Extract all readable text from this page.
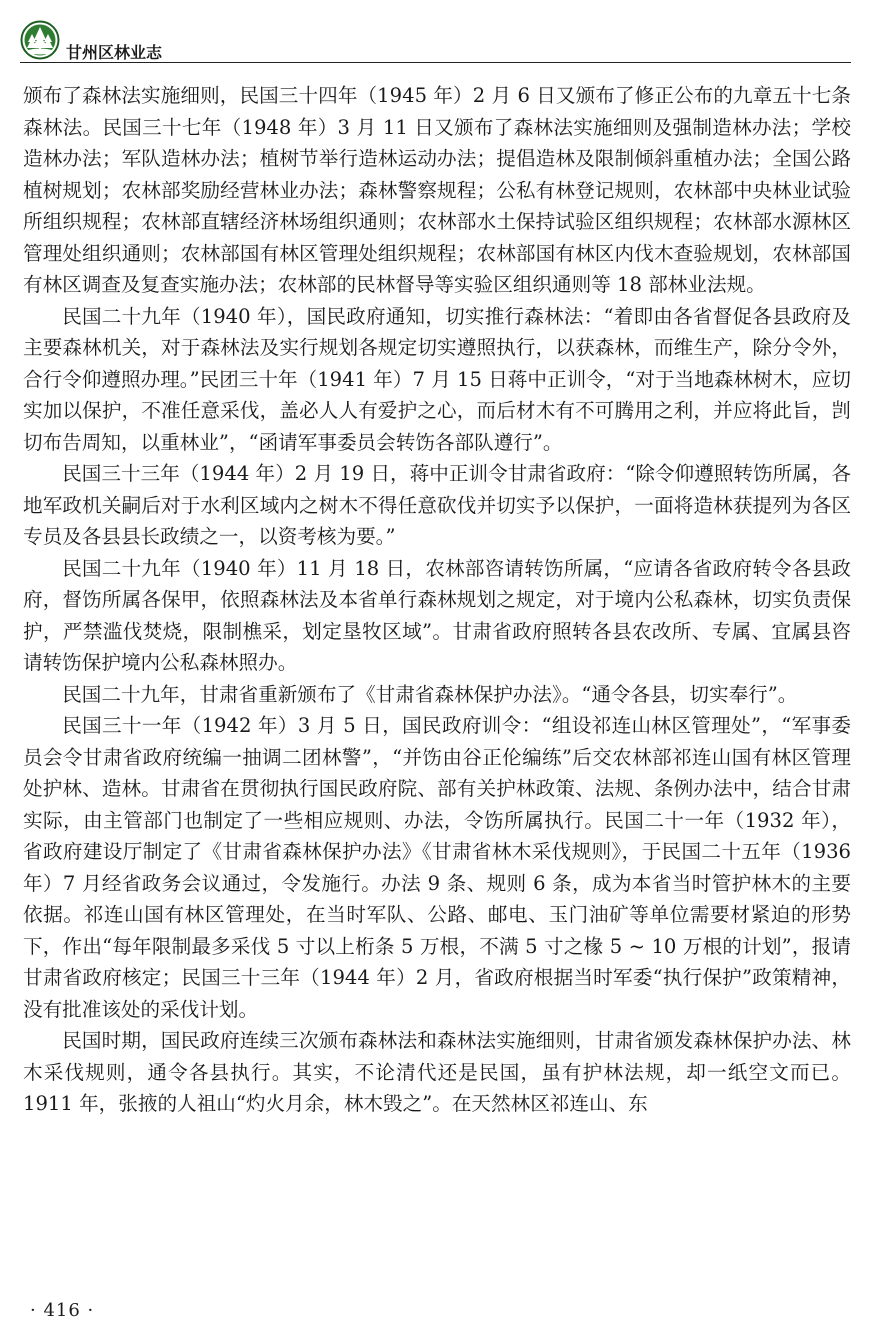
甘州区林业志

颁布了森林法实施细则，民国三十四年（1945 年）2 月 6 日又颁布了修正公布的九章五十七条森林法。民国三十七年（1948 年）3 月 11 日又颁布了森林法实施细则及强制造林办法；学校造林办法；军队造林办法；植树节举行造林运动办法；提倡造林及限制倾斜重植办法；全国公路植树规划；农林部奖励经营林业办法；森林警察规程；公私有林登记规则，农林部中央林业试验所组织规程；农林部直辖经济林场组织通则；农林部水土保持试验区组织规程；农林部水源林区管理处组织通则；农林部国有林区管理处组织规程；农林部国有林区内伐木查验规划，农林部国有林区调查及复查实施办法；农林部的民林督导等实验区组织通则等 18 部林业法规。

民国二十九年（1940 年），国民政府通知，切实推行森林法：“着即由各省督促各县政府及主要森林机关，对于森林法及实行规划各规定切实遵照执行，以获森林，而维生产，除分令外，合行令仰遵照办理。”民团三十年（1941 年）7 月 15 日蒋中正训令，“对于当地森林树木，应切实加以保护，不准任意采伐，盖必人人有爱护之心，而后材木有不可腾用之利，并应将此旨，剀切布告周知，以重林业”，“函请军事委员会转饬各部队遵行”。

民国三十三年（1944 年）2 月 19 日，蒋中正训令甘肃省政府：“除令仰遵照转饬所属，各地军政机关嗣后对于水利区域内之树木不得任意砍伐并切实予以保护，一面将造林获提列为各区专员及各县县长政绩之一，以资考核为要。”

民国二十九年（1940 年）11 月 18 日，农林部咨请转饬所属，“应请各省政府转令各县政府，督饬所属各保甲，依照森林法及本省单行森林规划之规定，对于境内公私森林，切实负责保护，严禁滥伐焚烧，限制樵采，划定垦牧区域”。甘肃省政府照转各县农改所、专属、宜属县咨请转饬保护境内公私森林照办。

民国二十九年，甘肃省重新颁布了《甘肃省森林保护办法》。“通令各县，切实奉行”。

民国三十一年（1942 年）3 月 5 日，国民政府训令：“组设祁连山林区管理处”，“军事委员会令甘肃省政府统编一抽调二团林警”，“并饬由谷正伦编练”后交农林部祁连山国有林区管理处护林、造林。甘肃省在贯彻执行国民政府院、部有关护林政策、法规、条例办法中，结合甘肃实际，由主管部门也制定了一些相应规则、办法，令饬所属执行。民国二十一年（1932 年），省政府建设厅制定了《甘肃省森林保护办法》《甘肃省林木采伐规则》，于民国二十五年（1936 年）7 月经省政务会议通过，令发施行。办法 9 条、规则 6 条，成为本省当时管护林木的主要依据。祁连山国有林区管理处，在当时军队、公路、邮电、玉门油矿等单位需要材紧迫的形势下，作出“每年限制最多采伐 5 寸以上桁条 5 万根，不满 5 寸之椽 5 ~ 10 万根的计划”，报请甘肃省政府核定；民国三十三年（1944 年）2 月，省政府根据当时军委“执行保护”政策精神，没有批准该处的采伐计划。

民国时期，国民政府连续三次颁布森林法和森林法实施细则，甘肃省颁发森林保护办法、林木采伐规则，通令各县执行。其实，不论清代还是民国，虽有护林法规，却一纸空文而已。1911 年，张掖的人祖山“灼火月余，林木毁之”。在天然林区祁连山、东

· 416 ·
